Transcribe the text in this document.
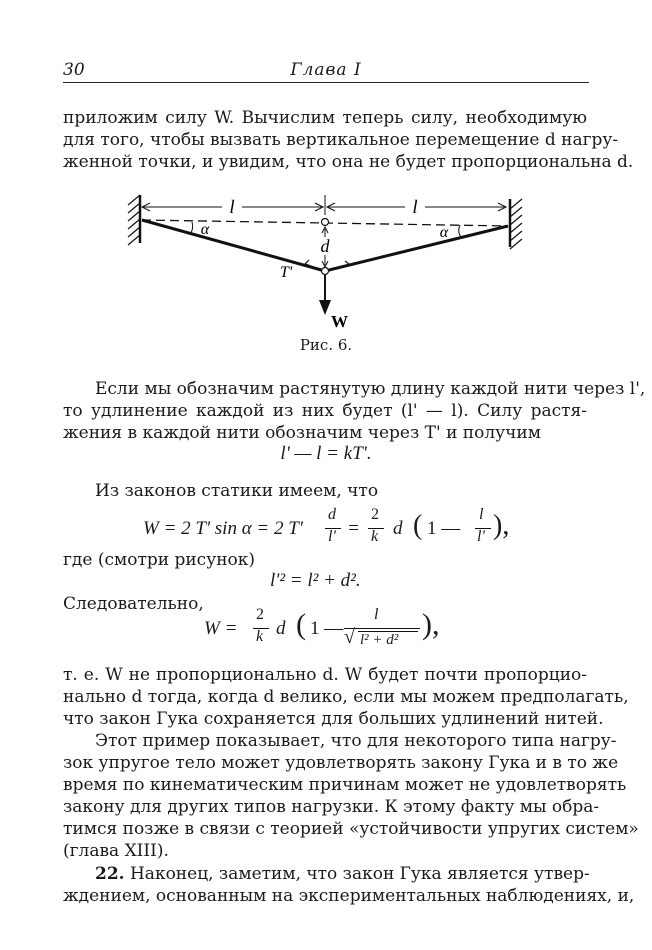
30	Глава I
приложим силу W. Вычислим теперь силу, необходимую
для того, чтобы вызвать вертикальное перемещение d нагру-
женной точки, и увидим, что она не будет пропорциональна d.
l	l
α	α
d
T'
W
Рис. 6.
Если мы обозначим растянутую длину каждой нити через l',
то удлинение каждой из них будет (l' — l). Силу растя-
жения в каждой нити обозначим через T' и получим
l' — l = kT'.
Из законов статики имеем, что
W = 2 T' sin α = 2 T'
d
l' =
2
k d ( 1 —
l
l' ),
где (смотри рисунок)
l'² = l² + d².
Следовательно,
W =
2
k d ( 1 —
l
√ l² + d² ),
т. е. W не пропорционально d. W будет почти пропорцио-
нально d тогда, когда d велико, если мы можем предполагать,
что закон Гука сохраняется для больших удлинений нитей.
Этот пример показывает, что для некоторого типа нагру-
зок упругое тело может удовлетворять закону Гука и в то же
время по кинематическим причинам может не удовлетворять
закону для других типов нагрузки. К этому факту мы обра-
тимся позже в связи с теорией «устойчивости упругих систем»
(глава XIII).
22. Наконец, заметим, что закон Гука является утвер-
ждением, основанным на экспериментальных наблюдениях, и,
